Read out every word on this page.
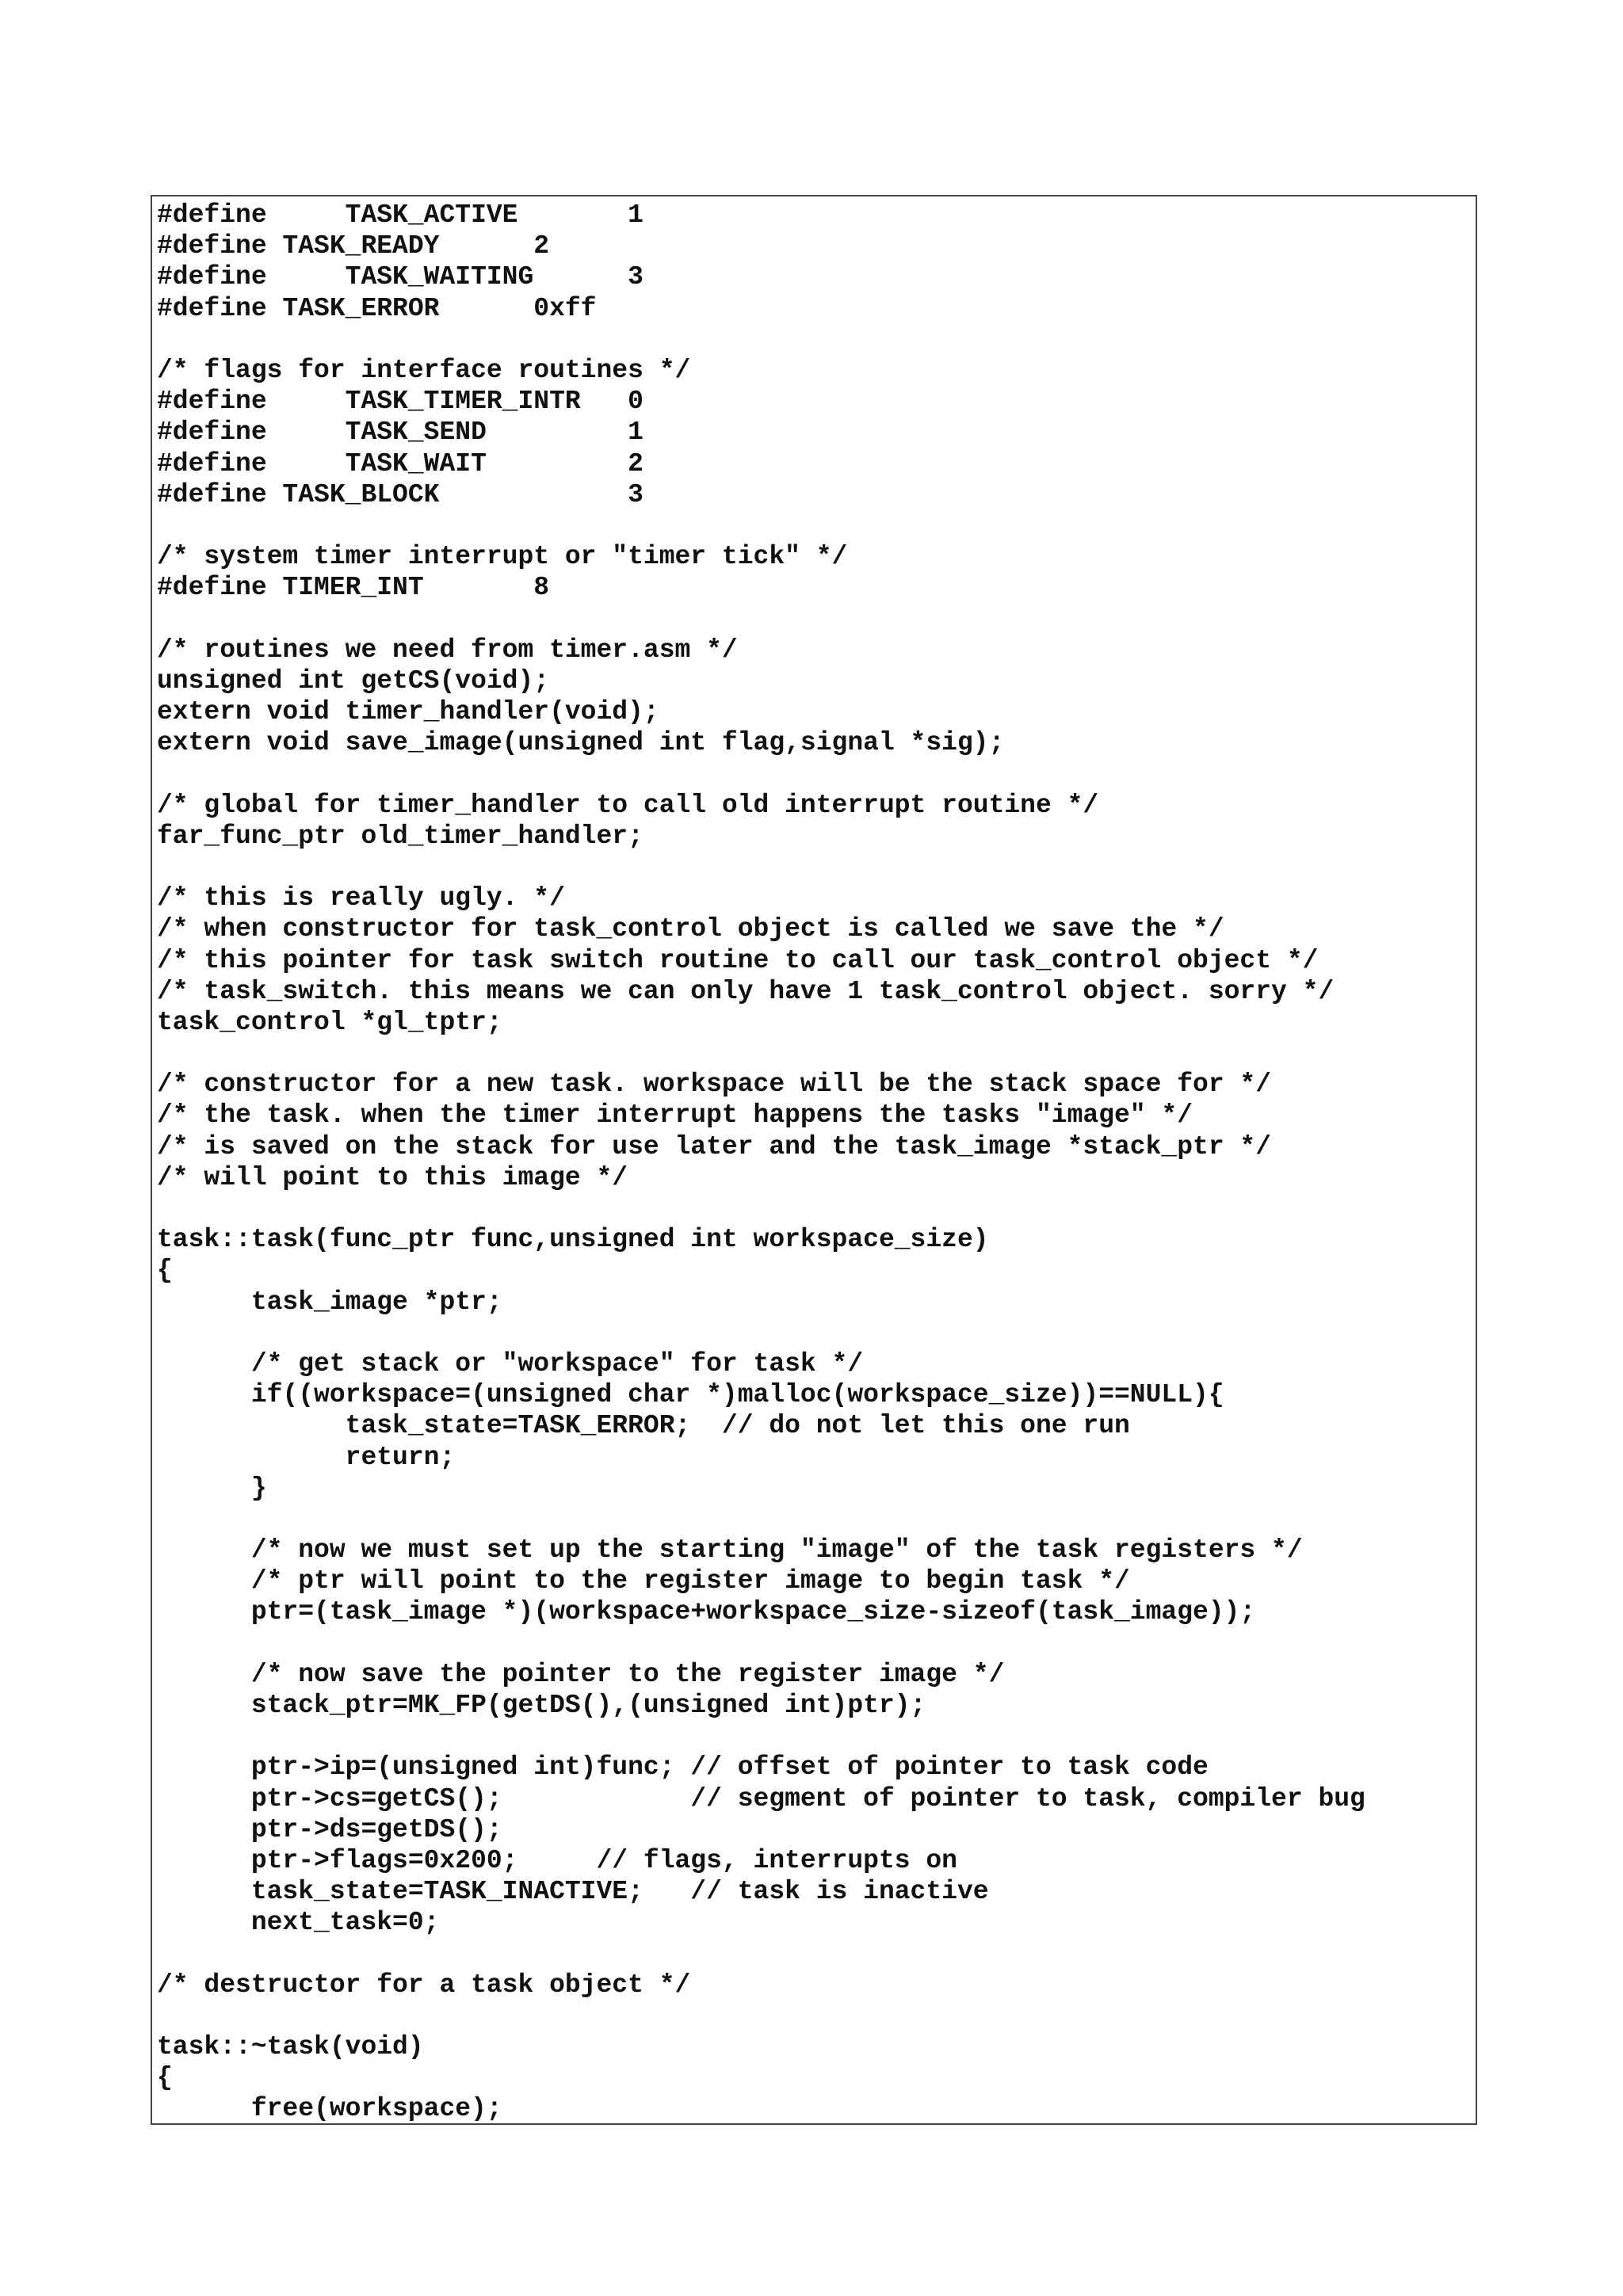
#define     TASK_ACTIVE       1
#define TASK_READY      2
#define     TASK_WAITING      3
#define TASK_ERROR      0xff
/* flags for interface routines */
#define     TASK_TIMER_INTR   0
#define     TASK_SEND         1
#define     TASK_WAIT         2
#define TASK_BLOCK            3
/* system timer interrupt or "timer tick" */
#define TIMER_INT       8
/* routines we need from timer.asm */
unsigned int getCS(void);
extern void timer_handler(void);
extern void save_image(unsigned int flag,signal *sig);
/* global for timer_handler to call old interrupt routine */
far_func_ptr old_timer_handler;
/* this is really ugly. */
/* when constructor for task_control object is called we save the */
/* this pointer for task switch routine to call our task_control object */
/* task_switch. this means we can only have 1 task_control object. sorry */
task_control *gl_tptr;
/* constructor for a new task. workspace will be the stack space for */
/* the task. when the timer interrupt happens the tasks "image" */
/* is saved on the stack for use later and the task_image *stack_ptr */
/* will point to this image */
task::task(func_ptr func,unsigned int workspace_size)
{
task_image *ptr;
/* get stack or "workspace" for task */
if((workspace=(unsigned char *)malloc(workspace_size))==NULL){
task_state=TASK_ERROR;  // do not let this one run
return;
}
/* now we must set up the starting "image" of the task registers */
/* ptr will point to the register image to begin task */
ptr=(task_image *)(workspace+workspace_size-sizeof(task_image));
/* now save the pointer to the register image */
stack_ptr=MK_FP(getDS(),(unsigned int)ptr);
ptr->ip=(unsigned int)func; // offset of pointer to task code
ptr->cs=getCS();            // segment of pointer to task, compiler bug
ptr->ds=getDS();
ptr->flags=0x200;     // flags, interrupts on
task_state=TASK_INACTIVE;   // task is inactive
next_task=0;
/* destructor for a task object */
task::~task(void)
{
free(workspace);
